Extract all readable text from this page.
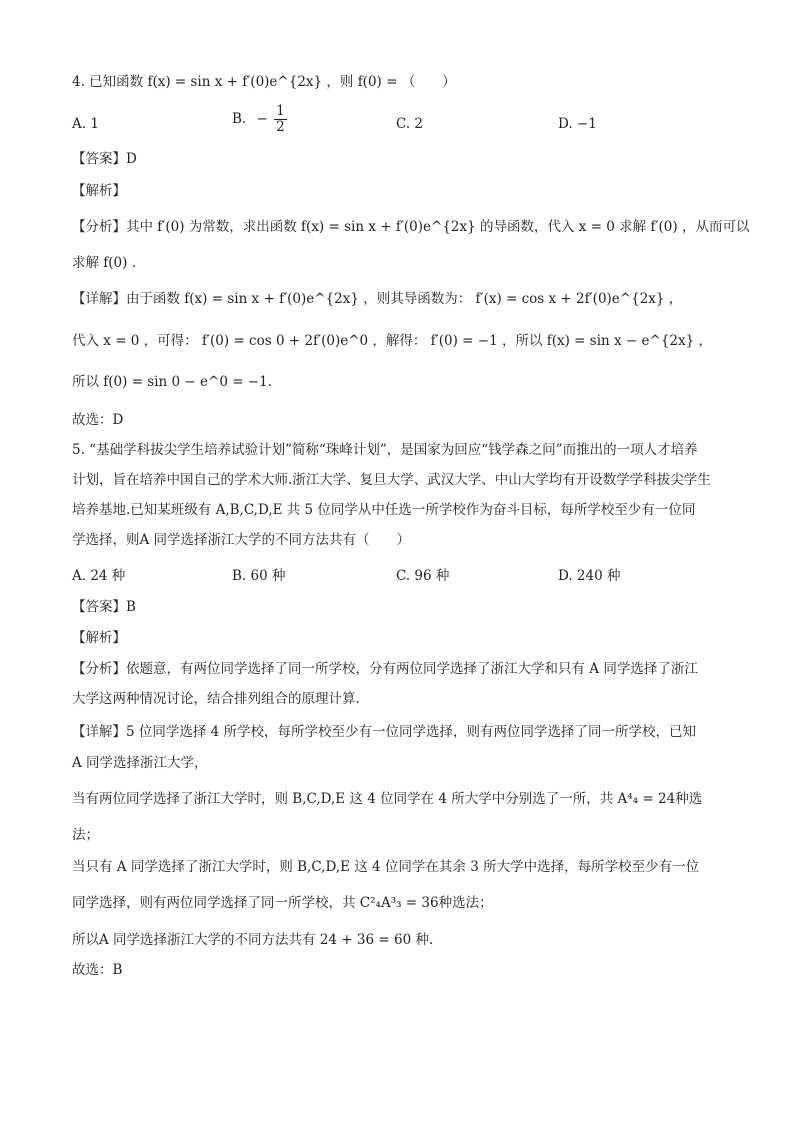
4. 已知函数 f(x) = sin x + f′(0)e^{2x} ，则 f(0) = （　　）
A. 1	B. − $\frac{1}{2}$	C. 2	D. −1
【答案】D
【解析】
【分析】其中 f′(0) 为常数，求出函数 f(x) = sin x + f′(0)e^{2x} 的导函数，代入 x = 0 求解 f′(0) ，从而可以
求解 f(0) .
【详解】由于函数 f(x) = sin x + f′(0)e^{2x} ，则其导函数为： f′(x) = cos x + 2f′(0)e^{2x} ，
代入 x = 0 ，可得： f′(0) = cos 0 + 2f′(0)e^0 ，解得： f′(0) = −1 ，所以 f(x) = sin x − e^{2x} ，
所以 f(0) = sin 0 − e^0 = −1.
故选：D
5. “基础学科拔尖学生培养试验计划”简称“珠峰计划”，是国家为回应“钱学森之问”而推出的一项人才培养
计划，旨在培养中国自己的学术大师.浙江大学、复旦大学、武汉大学、中山大学均有开设数学学科拔尖学生
培养基地.已知某班级有 A,B,C,D,E 共 5 位同学从中任选一所学校作为奋斗目标，每所学校至少有一位同
学选择，则A 同学选择浙江大学的不同方法共有（　　）
A. 24 种	B. 60 种	C. 96 种	D. 240 种
【答案】B
【解析】
【分析】依题意，有两位同学选择了同一所学校，分有两位同学选择了浙江大学和只有 A 同学选择了浙江
大学这两种情况讨论，结合排列组合的原理计算.
【详解】5 位同学选择 4 所学校，每所学校至少有一位同学选择，则有两位同学选择了同一所学校，已知
A 同学选择浙江大学，
当有两位同学选择了浙江大学时，则 B,C,D,E 这 4 位同学在 4 所大学中分别选了一所，共 A⁴₄ = 24种选
法；
当只有 A 同学选择了浙江大学时，则 B,C,D,E 这 4 位同学在其余 3 所大学中选择，每所学校至少有一位
同学选择，则有两位同学选择了同一所学校，共 C²₄A³₃ = 36种选法；
所以A 同学选择浙江大学的不同方法共有 24 + 36 = 60 种.
故选：B
